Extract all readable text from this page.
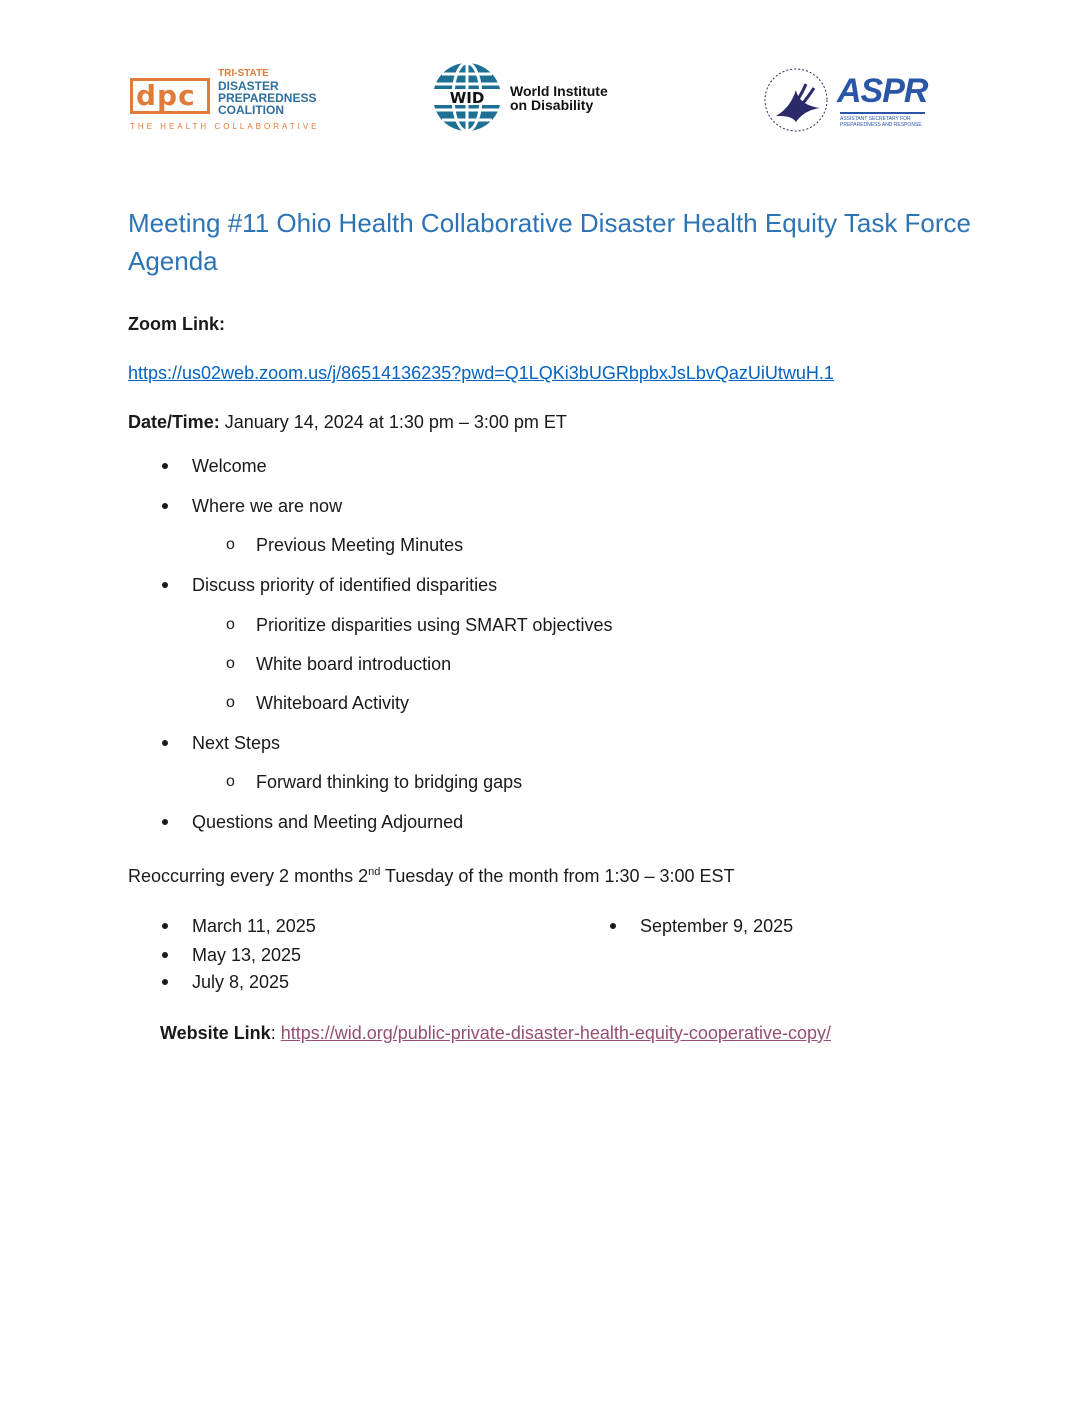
dpc
TRI-STATE
DISASTER
PREPAREDNESS
COALITION
THE HEALTH COLLABORATIVE
WID World Institute
on Disability	ASPR
ASSISTANT SECRETARY FOR PREPAREDNESS AND RESPONSE
Meeting #11 Ohio Health Collaborative Disaster Health Equity Task Force Agenda
Zoom Link:
https://us02web.zoom.us/j/86514136235?pwd=Q1LQKi3bUGRbpbxJsLbvQazUiUtwuH.1
Date/Time: January 14, 2024 at 1:30 pm – 3:00 pm ET
Welcome
Where we are now
o Previous Meeting Minutes
Discuss priority of identified disparities
o Prioritize disparities using SMART objectives
o White board introduction
o Whiteboard Activity
Next Steps
o Forward thinking to bridging gaps
Questions and Meeting Adjourned
Reoccurring every 2 months 2nd Tuesday of the month from 1:30 – 3:00 EST
March 11, 2025
May 13, 2025
July 8, 2025
September 9, 2025
Website Link: https://wid.org/public-private-disaster-health-equity-cooperative-copy/
